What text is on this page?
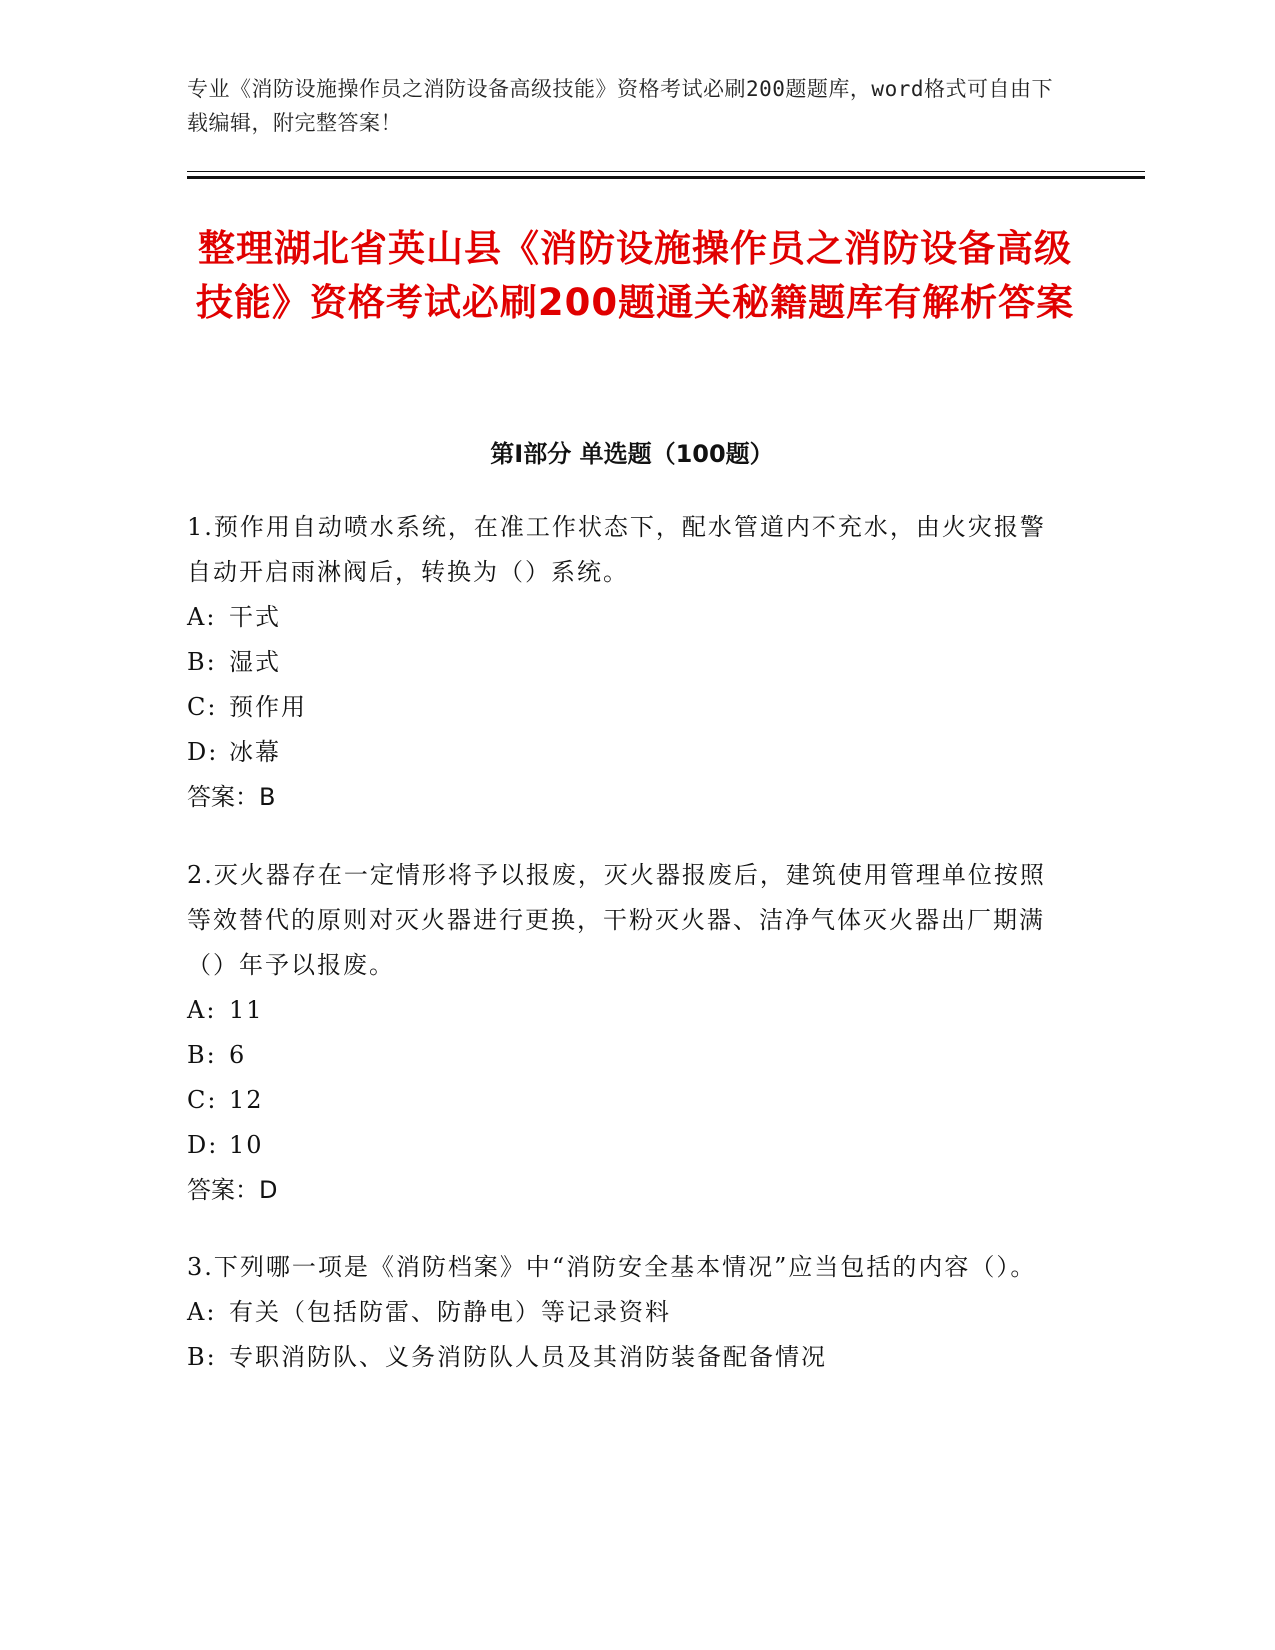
专业《消防设施操作员之消防设备高级技能》资格考试必刷200题题库，word格式可自由下载编辑，附完整答案！
整理湖北省英山县《消防设施操作员之消防设备高级技能》资格考试必刷200题通关秘籍题库有解析答案
第Ⅰ部分 单选题（100题）
1.预作用自动喷水系统，在准工作状态下，配水管道内不充水，由火灾报警自动开启雨淋阀后，转换为（）系统。
A: 干式
B: 湿式
C: 预作用
D: 冰幕
答案：B
2.灭火器存在一定情形将予以报废，灭火器报废后，建筑使用管理单位按照等效替代的原则对灭火器进行更换，干粉灭火器、洁净气体灭火器出厂期满（）年予以报废。
A: 11
B: 6
C: 12
D: 10
答案：D
3.下列哪一项是《消防档案》中“消防安全基本情况”应当包括的内容（）。
A: 有关（包括防雷、防静电）等记录资料
B: 专职消防队、义务消防队人员及其消防装备配备情况
